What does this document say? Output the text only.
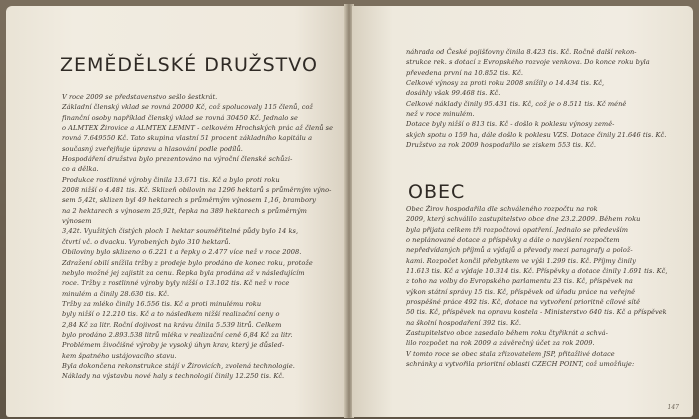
ZEMĚDĚLSKÉ DRUŽSTVO
V roce 2009 se představenstvo sešlo šestkrát.
Základní členský vklad se rovná 20000 Kč, což spolucovaly 115 členů, což
finanční osoby například členský vklad se rovná 30450 Kč. Jednalo se
o ALMTEX Žirovice a ALMTEX LEMNT - celkovém Hrochských prác až členů se
rovná 7.649550 Kč. Tato skupina vlastní 51 procent základního kapitálu a
současný zveřejňuje úpravu a hlasování podle podílů.
Hospodáření družstva bylo prezentováno na výroční členské schůzi-
co a dělka.
Produkce rostlinné výroby činila 13.671 tis. Kč a bylo proti roku
2008 nižší o 4.481 tis. Kč. Sklizeň obilovin na 1296 hektarů s průměrným výno-
sem 5,42t, sklizen byl 49 hektarech s průměrným výnosem 1,16, brambory
na 2 hektarech s výnosem 25,92t, řepka na 389 hektarech s průměrným výnosem
3,42t. Využitých čistých ploch 1 hektar souměřitelné půdy bylo 14 ks,
čtvrtí vč. o dvacku. Vyrobených bylo 310 hektarů.
Obiloviny bylo sklizeno o 6.221 t a řepky o 2.477 více než v roce 2008.
Zdražení obilí snížila tržby z prodeje bylo prodáno de konec roku, protože
nebylo možné jej zajistit za cenu. Řepka byla prodána až v následujícím
roce. Tržby z rostlinné výroby byly nižší o 13.102 tis. Kč než v roce
minulém a činily 28.630 tis. Kč.
Tržby za mléko činily 16.556 tis. Kč a proti minulému roku
byly nižší o 12.210 tis. Kč a to následkem nižší realizační ceny o
2,84 Kč za litr. Roční dojivost na krávu činila 5.539 litrů. Celkem
bylo prodáno 2.893.538 litrů mléka v realizační ceně 6,84 Kč za litr.
Problémem živočišné výroby je vysoký úhyn krav, který je důsled-
kem špatného ustájovacího stavu.
Byla dokončena rekonstrukce stájí v Žirovicích, zvolená technologie.
Náklady na výstavbu nové haly s technologií činily 12.250 tis. Kč.
náhrada od České pojišťovny činila 8.423 tis. Kč. Ročně další rekon-
strukce rek. s dotací z Evropského rozvoje venkova. Do konce roku byla
převedena první na 10.852 tis. Kč.
Celkové výnosy za proti roku 2008 snížily o 14.434 tis. Kč,
dosáhly však 99.468 tis. Kč.
Celkové náklady činily 95.431 tis. Kč, což je o 8.511 tis. Kč méně
než v roce minulém.
Dotace byly nižší o 813 tis. Kč - došlo k poklesu výnosy země-
ských spotu o 159 ha, dále došlo k poklesu VZS. Dotace činily 21.646 tis. Kč.
Družstvo za rok 2009 hospodařilo se ziskem 553 tis. Kč.
OBEC
Obec Žirov hospodařila dle schváleného rozpočtu na rok
2009, který schválilo zastupitelstvo obce dne 23.2.2009. Během roku
byla přijata celkem tři rozpočtová opatření. Jednalo se především
o neplánované dotace a příspěvky a dále o navýšení rozpočtem
nepředvídaných příjmů a výdajů a převody mezi paragrafy a polož-
kami. Rozpočet končil přebytkem ve výši 1.299 tis. Kč. Příjmy činily
11.613 tis. Kč a výdaje 10.314 tis. Kč. Příspěvky a dotace činily 1.691 tis. Kč,
z toho na volby do Evropského parlamentu 23 tis. Kč, příspěvek na
výkon státní správy 15 tis. Kč, příspěvek od úřadu práce na veřejně
prospěšné práce 492 tis. Kč, dotace na vytvoření prioritně cílové sítě
50 tis. Kč, příspěvek na opravu kostela - Ministerstvo 640 tis. Kč a příspěvek
na školní hospodaření 392 tis. Kč.
Zastupitelstvo obce zasedalo během roku čtyřikrát a schvá-
lilo rozpočet na rok 2009 a závěrečný účet za rok 2009.
V tomto roce se obec stala zřizovatelem JSP, přitažlivé dotace
schránky a vytvořila prioritní oblasti CZECH POINT, což umožňuje:
147
